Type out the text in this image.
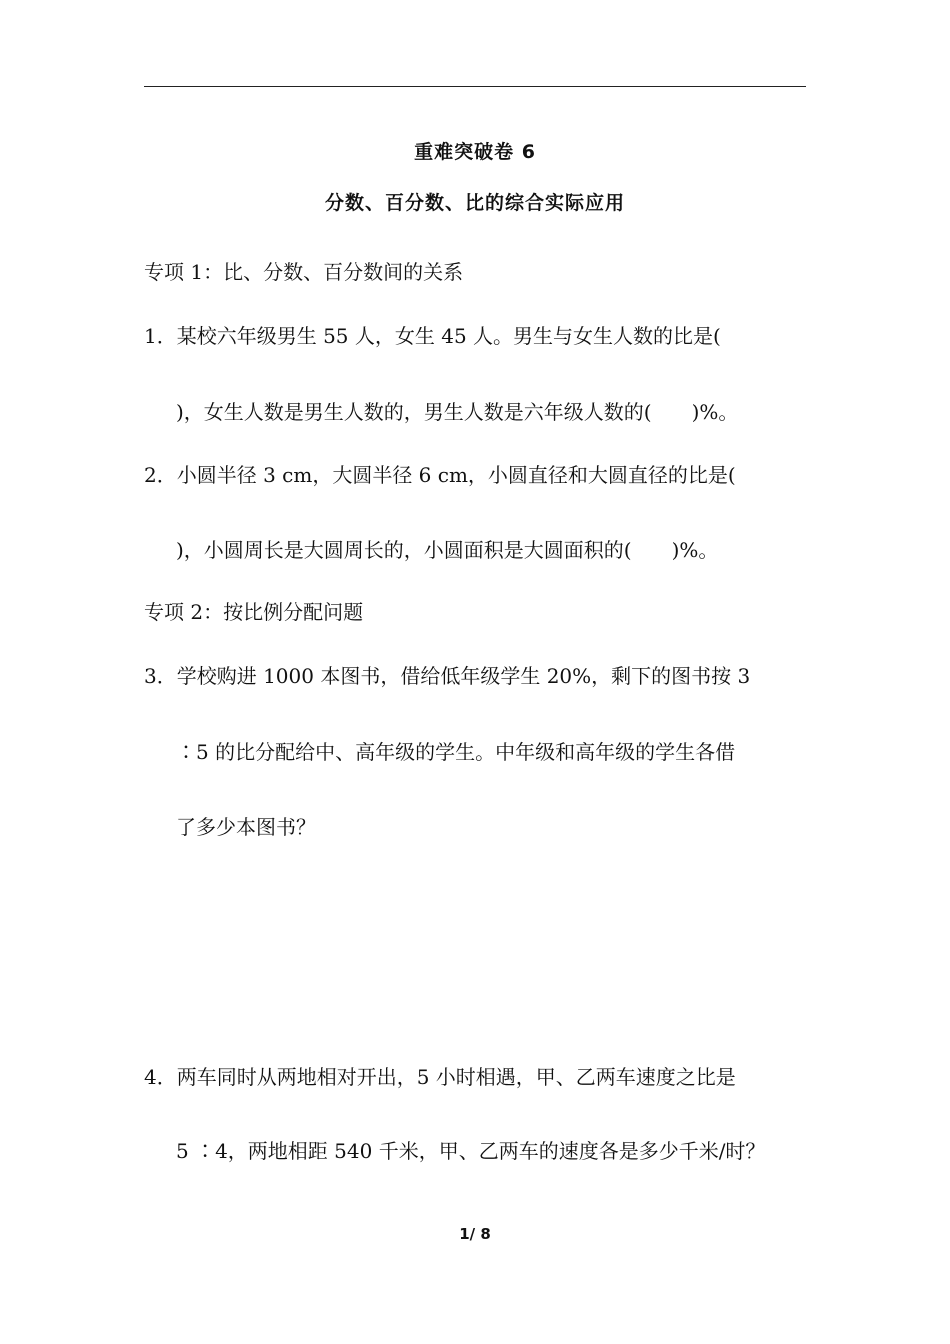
重难突破卷 6
分数、百分数、比的综合实际应用
专项 1：比、分数、百分数间的关系
1．某校六年级男生 55 人，女生 45 人。男生与女生人数的比是(
)，女生人数是男生人数的，男生人数是六年级人数的(　　)%。
2．小圆半径 3 cm，大圆半径 6 cm，小圆直径和大圆直径的比是(
)，小圆周长是大圆周长的，小圆面积是大圆面积的(　　)%。
专项 2：按比例分配问题
3．学校购进 1000 本图书，借给低年级学生 20%，剩下的图书按 3
∶5 的比分配给中、高年级的学生。中年级和高年级的学生各借
了多少本图书？
4．两车同时从两地相对开出，5 小时相遇，甲、乙两车速度之比是
5 ∶4，两地相距 540 千米，甲、乙两车的速度各是多少千米/时？
1/ 8
